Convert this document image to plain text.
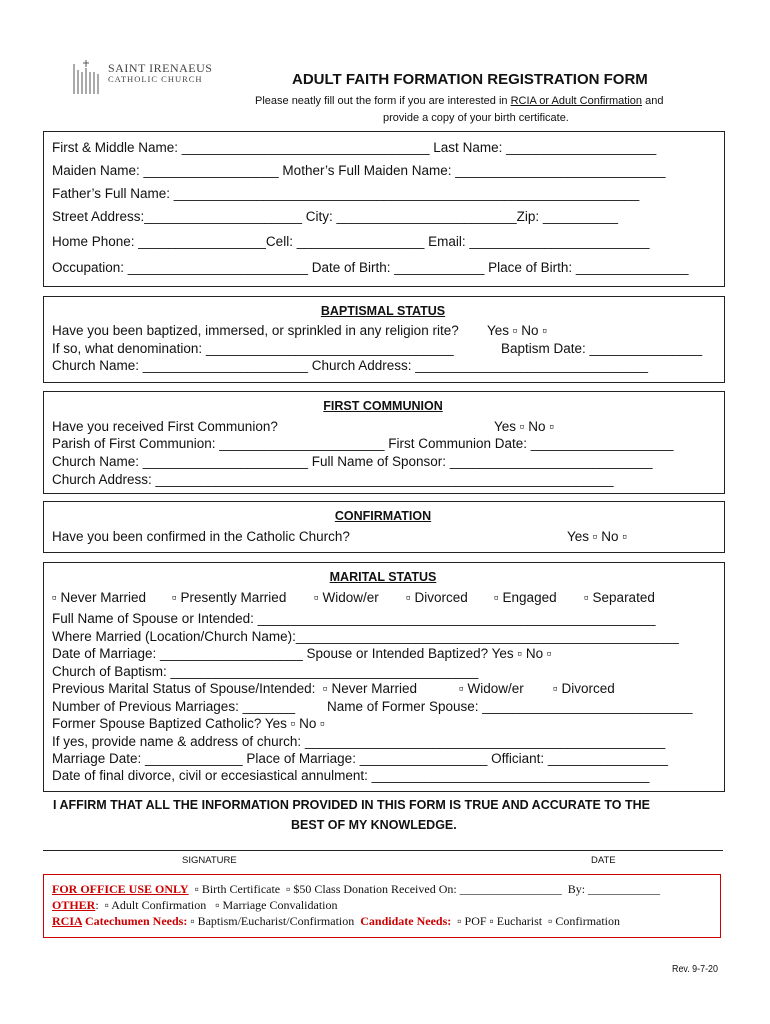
SAINT IRENAEUS
CATHOLIC CHURCH	ADULT FAITH FORMATION REGISTRATION FORM
Please neatly fill out the form if you are interested in RCIA or Adult Confirmation and
provide a copy of your birth certificate.
First & Middle Name: _________________________________ Last Name: ____________________
Maiden Name: __________________ Mother’s Full Maiden Name: ____________________________
Father’s Full Name: ______________________________________________________________
Street Address:_____________________ City: ________________________Zip: __________
Home Phone: _________________Cell: _________________ Email: ________________________
Occupation: ________________________ Date of Birth: ____________ Place of Birth: _______________
BAPTISMAL STATUS
Have you been baptized, immersed, or sprinkled in any religion rite? Yes ▫ No ▫
If so, what denomination: _________________________________	Baptism Date: _______________
Church Name: ______________________ Church Address: _______________________________
FIRST COMMUNION
Have you received First Communion?	Yes ▫ No ▫
Parish of First Communion: ______________________ First Communion Date: ___________________
Church Name: ______________________ Full Name of Sponsor: ___________________________
Church Address: _____________________________________________________________
CONFIRMATION
Have you been confirmed in the Catholic Church?	Yes ▫ No ▫
MARITAL STATUS
▫ Never Married ▫ Presently Married ▫ Widow/er ▫ Divorced ▫ Engaged ▫ Separated
Full Name of Spouse or Intended: _____________________________________________________
Where Married (Location/Church Name):___________________________________________________
Date of Marriage: ___________________ Spouse or Intended Baptized? Yes ▫ No ▫
Church of Baptism: _________________________________________
Previous Marital Status of Spouse/Intended:  ▫ Never Married	▫ Widow/er ▫ Divorced
Number of Previous Marriages: _______ Name of Former Spouse: ____________________________
Former Spouse Baptized Catholic? Yes ▫ No ▫
If yes, provide name & address of church: ________________________________________________
Marriage Date: _____________ Place of Marriage: _________________ Officiant: ________________
Date of final divorce, civil or eccesiastical annulment: _____________________________________
I AFFIRM THAT ALL THE INFORMATION PROVIDED IN THIS FORM IS TRUE AND ACCURATE TO THE
BEST OF MY KNOWLEDGE.
SIGNATURE	DATE
FOR OFFICE USE ONLY  ▫ Birth Certificate  ▫ $50 Class Donation Received On: _________________  By: ____________
OTHER:  ▫ Adult Confirmation   ▫ Marriage Convalidation
RCIA Catechumen Needs: ▫ Baptism/Eucharist/Confirmation  Candidate Needs:  ▫ POF ▫ Eucharist  ▫ Confirmation
Rev. 9-7-20
